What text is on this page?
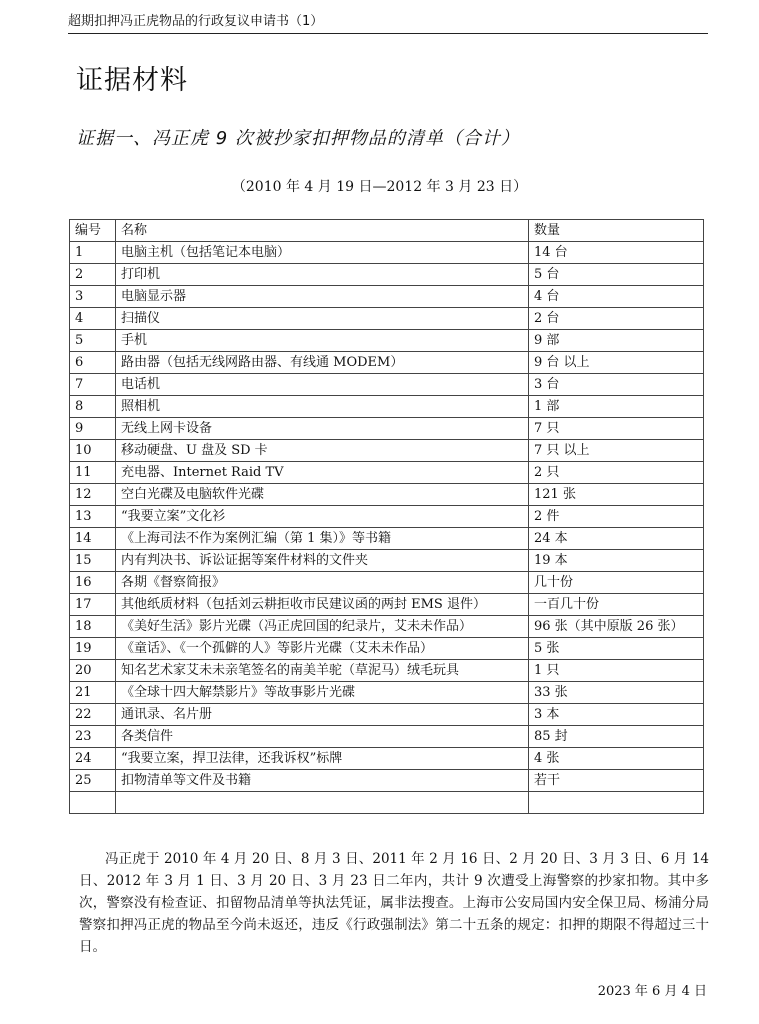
超期扣押冯正虎物品的行政复议申请书（1）
证据材料
证据一、冯正虎 9 次被抄家扣押物品的清单（合计）
（2010 年 4 月 19 日—2012 年 3 月 23 日）
编号	名称	数量
1	电脑主机（包括笔记本电脑）	14 台
2	打印机	5 台
3	电脑显示器	4 台
4	扫描仪	2 台
5	手机	9 部
6	路由器（包括无线网路由器、有线通 MODEM）	9 台 以上
7	电话机	3 台
8	照相机	1 部
9	无线上网卡设备	7 只
10	移动硬盘、U 盘及 SD 卡	7 只 以上
11	充电器、Internet Raid TV	2 只
12	空白光碟及电脑软件光碟	121 张
13	“我要立案”文化衫	2 件
14	《上海司法不作为案例汇编（第 1 集）》等书籍	24 本
15	内有判决书、诉讼证据等案件材料的文件夹	19 本
16	各期《督察简报》	几十份
17	其他纸质材料（包括刘云耕拒收市民建议函的两封 EMS 退件）	一百几十份
18	《美好生活》影片光碟（冯正虎回国的纪录片，艾未未作品）	96 张（其中原版 26 张）
19	《童话》、《一个孤僻的人》等影片光碟（艾未未作品）	5 张
20	知名艺术家艾未未亲笔签名的南美羊驼（草泥马）绒毛玩具	1 只
21	《全球十四大解禁影片》等故事影片光碟	33 张
22	通讯录、名片册	3 本
23	各类信件	85 封
24	“我要立案，捍卫法律，还我诉权”标牌	4 张
25	扣物清单等文件及书籍	若干

冯正虎于 2010 年 4 月 20 日、8 月 3 日、2011 年 2 月 16 日、2 月 20 日、3 月 3 日、6 月 14 日、2012 年 3 月 1 日、3 月 20 日、3 月 23 日二年内，共计 9 次遭受上海警察的抄家扣物。其中多次，警察没有检查证、扣留物品清单等执法凭证，属非法搜查。上海市公安局国内安全保卫局、杨浦分局警察扣押冯正虎的物品至今尚未返还，违反《行政强制法》第二十五条的规定：扣押的期限不得超过三十日。
2023 年 6 月 4 日
